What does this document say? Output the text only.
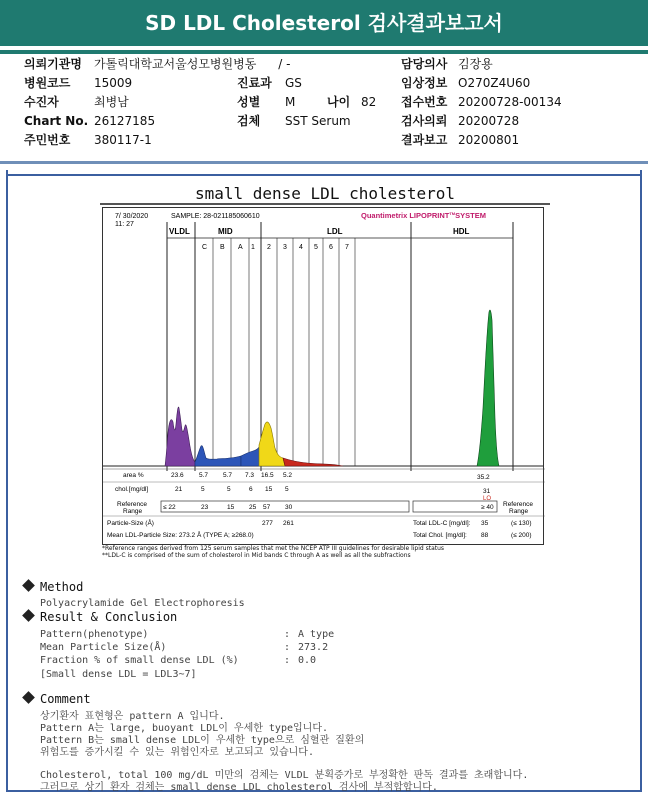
SD LDL Cholesterol 검사결과보고서
의뢰기관명 가톨릭대학교서울성모병원병동 / -
병원코드 15009
수진자	최병남
Chart No. 26127185
주민번호 380117-1
진료과 GS
성별 M	나이 82
검체 SST Serum
담당의사 김장용
임상정보 O270Z4U60
접수번호 20200728-00134
검사의뢰 20200728
결과보고 20200801
small dense LDL cholesterol
7/ 30/2020
11: 27
SAMPLE: 28-021185060610	Quantimetrix LIPOPRINT™SYSTEM
VLDL	MID	LDL	HDL
C B A 1 2 3 4 5 6 7
area %	23.6 5.7 5.7 7.3 16.5 5.2	35.2
chol.[mg/dl]	21	5	5	6 15 5	31
LO
Reference
Range
≤ 22	23	15 25 57 30	≥ 40 Reference
Range
Particle-Size (Å)	277 261	Total LDL-C [mg/dl]: 35	(≤ 130)
Mean LDL-Particle Size: 273.2 Å (TYPE A; ≥268.0)	Total Chol. [mg/dl]: 88	(≤ 200)
*Reference ranges derived from 125 serum samples that met the NCEP ATP III guidelines for desirable lipid status
**LDL-C is comprised of the sum of cholesterol in Mid bands C through A as well as all the subfractions
Method
Polyacrylamide Gel Electrophoresis
Result & Conclusion
Pattern(phenotype)	: A type
Mean Particle Size(Å)	: 273.2
Fraction % of small dense LDL (%)	: 0.0
[Small dense LDL = LDL3~7]
Comment
상기환자 표현형은 pattern A 입니다.
Pattern A는 large, buoyant LDL이 우세한 type입니다.
Pattern B는 small dense LDL이 우세한 type으로 심혈관 질환의
위험도를 증가시킬 수 있는 위험인자로 보고되고 있습니다.
Cholesterol, total 100 mg/dL 미만의 검체는 VLDL 분획증가로 부정확한 판독 결과를 초래합니다.
그러므로 상기 환자 검체는 small dense LDL cholesterol 검사에 부적합합니다.
